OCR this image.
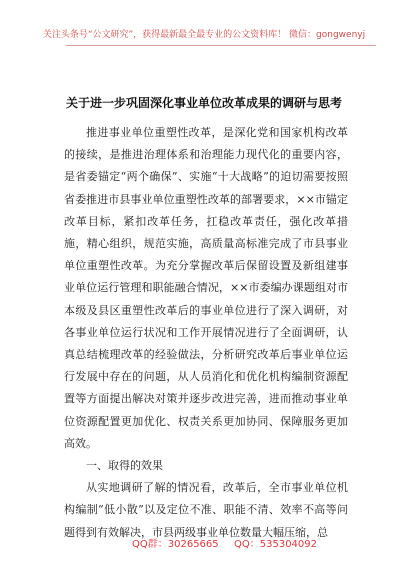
关注头条号“公文研究”，获得最新最全最专业的公文资料库！ 微信：gongwenyj
关于进一步巩固深化事业单位改革成果的调研与思考

推进事业单位重塑性改革，是深化党和国家机构改革的接续，是推进治理体系和治理能力现代化的重要内容，是省委锚定“两个确保”、实施“十大战略”的迫切需要按照省委推进市县事业单位重塑性改革的部署要求，××市锚定改革目标，紧扣改革任务，扛稳改革责任，强化改革措施，精心组织，规范实施，高质量高标准完成了市县事业单位重塑性改革。为充分掌握改革后保留设置及新组建事业单位运行管理和职能融合情况，××市委编办课题组对市本级及县区重塑性改革后的事业单位进行了深入调研，对各事业单位运行状况和工作开展情况进行了全面调研，认真总结梳理改革的经验做法，分析研究改革后事业单位运行发展中存在的问题，从人员消化和优化机构编制资源配置等方面提出解决对策并逐步改进完善，进而推动事业单位资源配置更加优化、权责关系更加协同、保障服务更加高效。

一、取得的效果

从实地调研了解的情况看，改革后，全市事业单位机构编制“低小散”以及定位不准、职能不清、效率不高等问题得到有效解决，市县两级事业单位数量大幅压缩，总

QQ群：30265665 QQ：535304092
